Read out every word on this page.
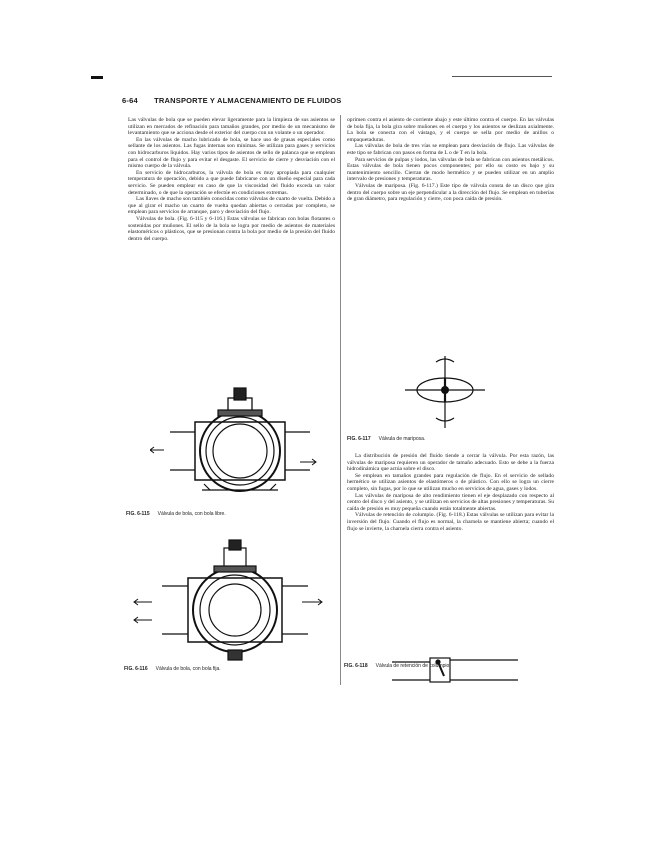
6-64 TRANSPORTE Y ALMACENAMIENTO DE FLUIDOS

Las válvulas de bola que se pueden elevar ligeramente para la limpieza de sus asientos se utilizan en mercados de refinación para tamaños grandes, por medio de un mecanismo de levantamiento que se acciona desde el exterior del cuerpo con un volante o un operador.

En las válvulas de macho lubricado de bola, se hace uso de grasas especiales como sellante de los asientos. Las fugas internas son mínimas. Se utilizan para gases y servicios con hidrocarburos líquidos. Hay varios tipos de asientos de sello de palanca que se emplean para el control de flujo y para evitar el desgaste. El servicio de cierre y desviación con el mismo cuerpo de la válvula.

En servicio de hidrocarburos, la válvula de bola es muy apropiada para cualquier temperatura de operación, debido a que puede fabricarse con un diseño especial para cada servicio. Se pueden emplear en caso de que la viscosidad del fluido exceda un valor determinado, o de que la operación se efectúe en condiciones extremas.

Las llaves de macho son también conocidas como válvulas de cuarto de vuelta. Debido a que al girar el macho un cuarto de vuelta quedan abiertas o cerradas por completo, se emplean para servicios de arranque, paro y desviación del flujo.

Válvulas de bola. (Fig. 6-115 y 6-116.) Estas válvulas se fabrican con bolas flotantes o sostenidas por muñones. El sello de la bola se logra por medio de asientos de materiales elastoméricos o plásticos, que se presionan contra la bola por medio de la presión del fluido dentro del cuerpo.

oprimen contra el asiento de corriente abajo y este último contra el cuerpo. En las válvulas de bola fija, la bola gira sobre muñones en el cuerpo y los asientos se deslizan axialmente. La bola se conecta con el vástago, y el cuerpo se sella por medio de anillos o empaquetaduras.

Las válvulas de bola de tres vías se emplean para desviación de flujo. Las válvulas de este tipo se fabrican con pasos en forma de L o de T en la bola.

Para servicios de pulpas y lodos, las válvulas de bola se fabrican con asientos metálicos. Estas válvulas de bola tienen pocos componentes; por ello su costo es bajo y su mantenimiento sencillo. Cierran de modo hermético y se pueden utilizar en un amplio intervalo de presiones y temperaturas.

Válvulas de mariposa. (Fig. 6-117.) Este tipo de válvula consta de un disco que gira dentro del cuerpo sobre un eje perpendicular a la dirección del flujo. Se emplean en tuberías de gran diámetro, para regulación y cierre, con poca caída de presión.

La distribución de presión del fluido tiende a cerrar la válvula. Por esta razón, las válvulas de mariposa requieren un operador de tamaño adecuado. Esto se debe a la fuerza hidrodinámica que actúa sobre el disco.

Se emplean en tamaños grandes para regulación de flujo. En el servicio de sellado hermético se utilizan asientos de elastómeros o de plástico. Con ello se logra un cierre completo, sin fugas, por lo que se utilizan mucho en servicios de agua, gases y lodos.

Las válvulas de mariposa de alto rendimiento tienen el eje desplazado con respecto al centro del disco y del asiento, y se utilizan en servicios de altas presiones y temperaturas. Su caída de presión es muy pequeña cuando están totalmente abiertas.

Válvulas de retención de columpio. (Fig. 6-118.) Estas válvulas se utilizan para evitar la inversión del flujo. Cuando el flujo es normal, la charnela se mantiene abierta; cuando el flujo se invierte, la charnela cierra contra el asiento.

FIG. 6-115 Válvula de bola, con bola libre.
FIG. 6-116 Válvula de bola, con bola fija.
FIG. 6-117 Válvula de mariposa.
FIG. 6-118 Válvula de retención de columpio.
